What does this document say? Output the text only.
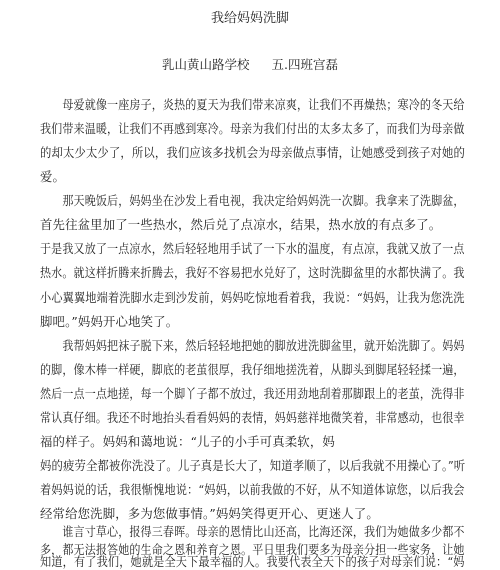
我给妈妈洗脚
乳山黄山路学校 五.四班宫磊
　　母爱就像一座房子，炎热的夏天为我们带来凉爽，让我们不再燥热；寒冷的冬天给
我们带来温暖，让我们不再感到寒冷。母亲为我们付出的太多太多了，而我们为母亲做
的却太少太少了，所以，我们应该多找机会为母亲做点事情，让她感受到孩子对她的
爱。
　　那天晚饭后，妈妈坐在沙发上看电视，我决定给妈妈洗一次脚。我拿来了洗脚盆，
首先往盆里加了一些热水，然后兑了点凉水，结果，热水放的有点多了。
于是我又放了一点凉水，然后轻轻地用手试了一下水的温度，有点凉，我就又放了一点
热水。就这样折腾来折腾去，我好不容易把水兑好了，这时洗脚盆里的水都快满了。我
小心翼翼地端着洗脚水走到沙发前，妈妈吃惊地看着我，我说：“妈妈，让我为您洗洗
脚吧。”妈妈开心地笑了。
　　我帮妈妈把袜子脱下来，然后轻轻地把她的脚放进洗脚盆里，就开始洗脚了。妈妈
的脚，像木棒一样硬，脚底的老茧很厚，我仔细地搓洗着，从脚头到脚尾轻轻揉一遍，
然后一点一点地搓，每一个脚丫子都不放过，我还用劲地刮着那脚跟上的老茧，洗得非
常认真仔细。我还不时地抬头看看妈妈的表情，妈妈慈祥地微笑着，非常感动，也很幸
福的样子。妈妈和蔼地说：“儿子的小手可真柔软，妈
妈的疲劳全都被你洗没了。儿子真是长大了，知道孝顺了，以后我就不用操心了。”听
着妈妈说的话，我很惭愧地说：“妈妈，以前我做的不好，从不知道体谅您，以后我会
经常给您洗脚，多为您做事情。”妈妈笑得更开心、更迷人了。
　　谁言寸草心，报得三春晖。母亲的恩情比山还高，比海还深，我们为她做多少都不
多，都无法报答她的生命之恩和养育之恩。平日里我们要多为母亲分担一些家务，让她
知道，有了我们，她就是全天下最幸福的人。我要代表全天下的孩子对母亲们说：“妈
